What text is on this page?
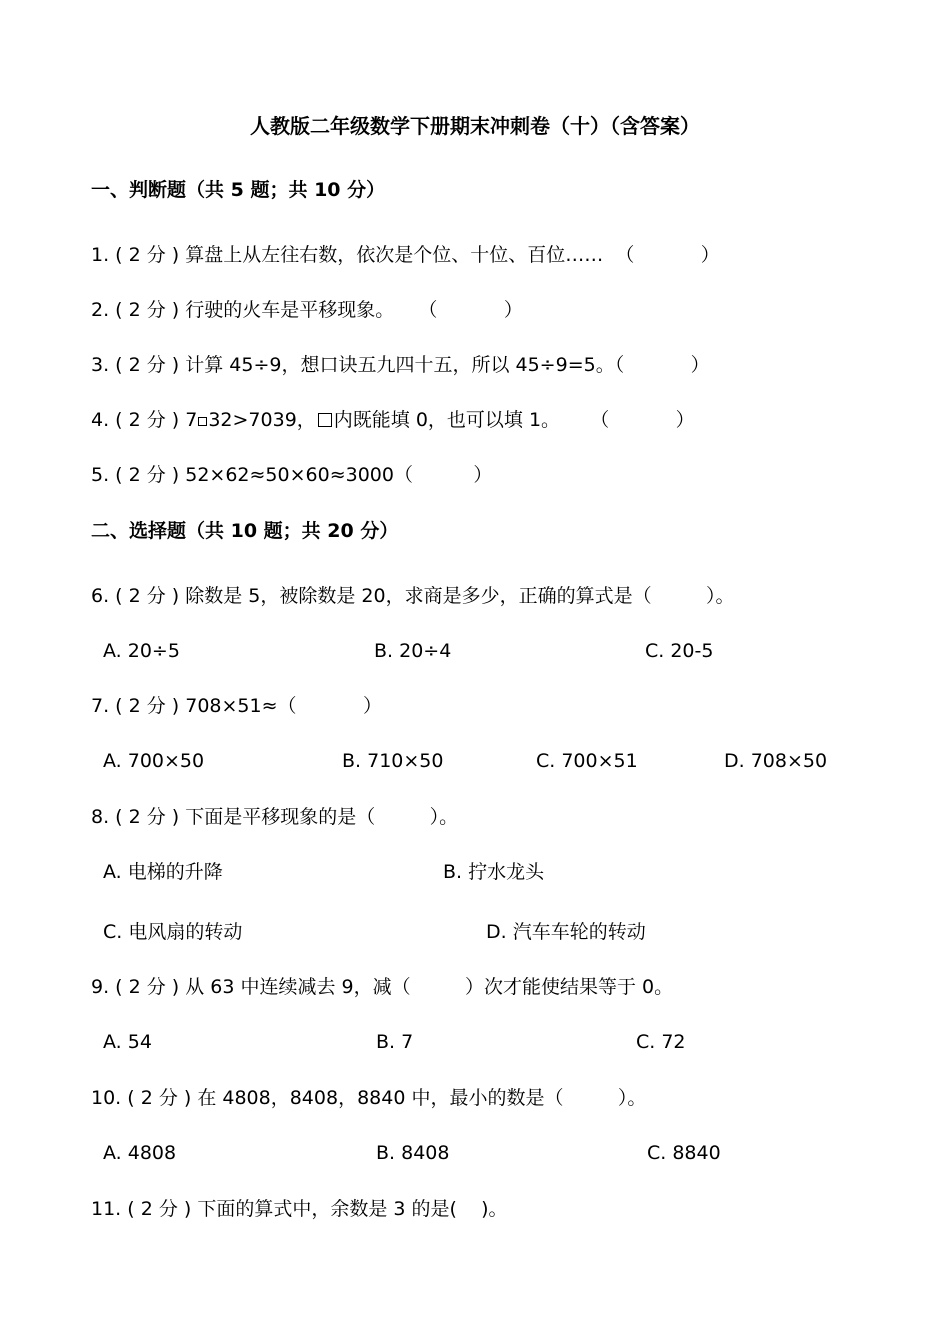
人教版二年级数学下册期末冲刺卷（十）（含答案）
一、判断题（共 5 题；共 10 分）
1. ( 2 分 ) 算盘上从左往右数，依次是个位、十位、百位……  （           ）
2. ( 2 分 ) 行驶的火车是平移现象。    （           ）
3. ( 2 分 ) 计算 45÷9，想口诀五九四十五，所以 45÷9=5。（           ）
4. ( 2 分 ) 7 32>7039， 内既能填 0，也可以填 1。     （           ）
5. ( 2 分 ) 52×62≈50×60≈3000（          ）
二、选择题（共 10 题；共 20 分）
6. ( 2 分 ) 除数是 5，被除数是 20，求商是多少，正确的算式是（         ）。
A. 20÷5	B. 20÷4	C. 20-5
7. ( 2 分 ) 708×51≈（           ）
A. 700×50	B. 710×50	C. 700×51	D. 708×50
8. ( 2 分 ) 下面是平移现象的是（         ）。
A. 电梯的升降	B. 拧水龙头
C. 电风扇的转动	D. 汽车车轮的转动
9. ( 2 分 ) 从 63 中连续减去 9，减（         ）次才能使结果等于 0。
A. 54	B. 7	C. 72
10. ( 2 分 ) 在 4808，8408，8840 中，最小的数是（         ）。
A. 4808	B. 8408	C. 8840
11. ( 2 分 ) 下面的算式中，余数是 3 的是(    )。
